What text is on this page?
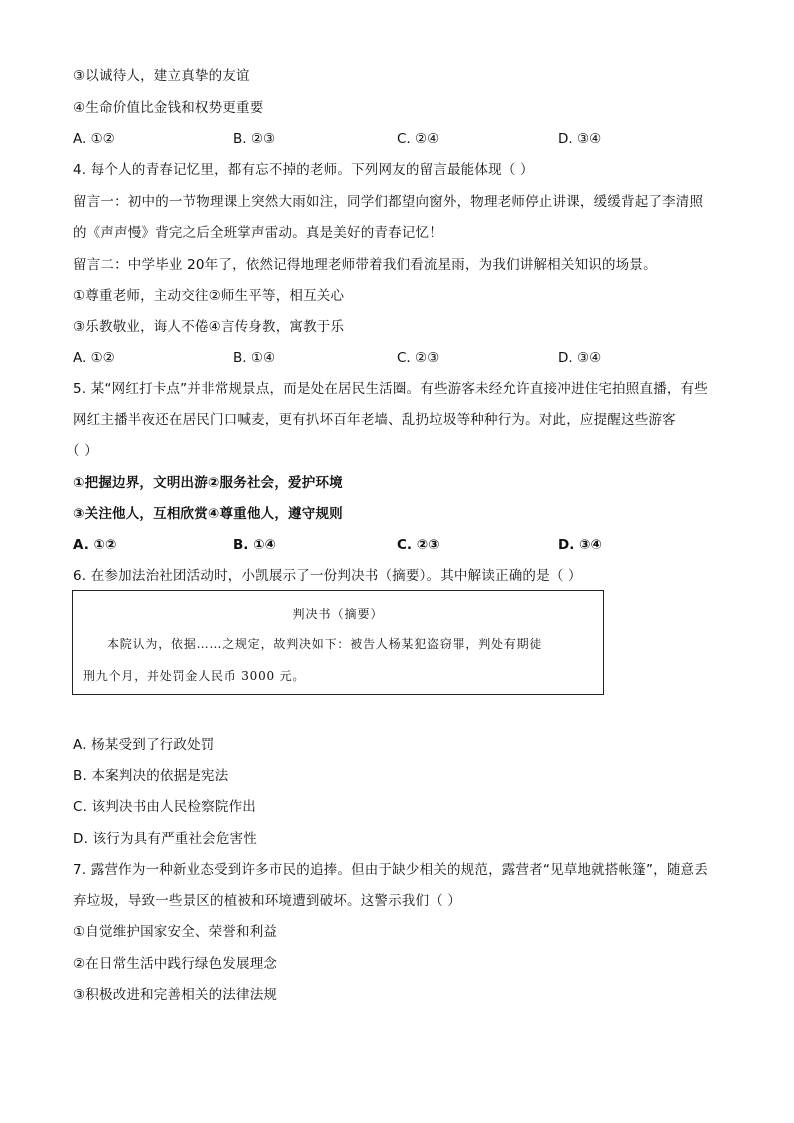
③以诚待人，建立真挚的友谊
④生命价值比金钱和权势更重要
A. ①②	B. ②③	C. ②④	D. ③④
4. 每个人的青春记忆里，都有忘不掉的老师。下列网友的留言最能体现（ ）
留言一：初中的一节物理课上突然大雨如注，同学们都望向窗外，物理老师停止讲课，缓缓背起了李清照
的《声声慢》背完之后全班掌声雷动。真是美好的青春记忆！
留言二：中学毕业 20年了，依然记得地理老师带着我们看流星雨，为我们讲解相关知识的场景。
①尊重老师，主动交往②师生平等，相互关心
③乐教敬业，诲人不倦④言传身教，寓教于乐
A. ①②	B. ①④	C. ②③	D. ③④
5. 某“网红打卡点”并非常规景点，而是处在居民生活圈。有些游客未经允许直接冲进住宅拍照直播，有些
网红主播半夜还在居民门口喊麦，更有扒坏百年老墙、乱扔垃圾等种种行为。对此，应提醒这些游客
（ ）
①把握边界，文明出游②服务社会，爱护环境
③关注他人，互相欣赏④尊重他人，遵守规则
A. ①②	B. ①④	C. ②③	D. ③④
6. 在参加法治社团活动时，小凯展示了一份判决书（摘要）。其中解读正确的是（ ）
判决书（摘要）
本院认为，依据……之规定，故判决如下：被告人杨某犯盗窃罪，判处有期徒
刑九个月，并处罚金人民币 3000 元。
A. 杨某受到了行政处罚
B. 本案判决的依据是宪法
C. 该判决书由人民检察院作出
D. 该行为具有严重社会危害性
7. 露营作为一种新业态受到许多市民的追捧。但由于缺少相关的规范，露营者“见草地就搭帐篷”，随意丢
弃垃圾，导致一些景区的植被和环境遭到破坏。这警示我们（ ）
①自觉维护国家安全、荣誉和利益
②在日常生活中践行绿色发展理念
③积极改进和完善相关的法律法规
